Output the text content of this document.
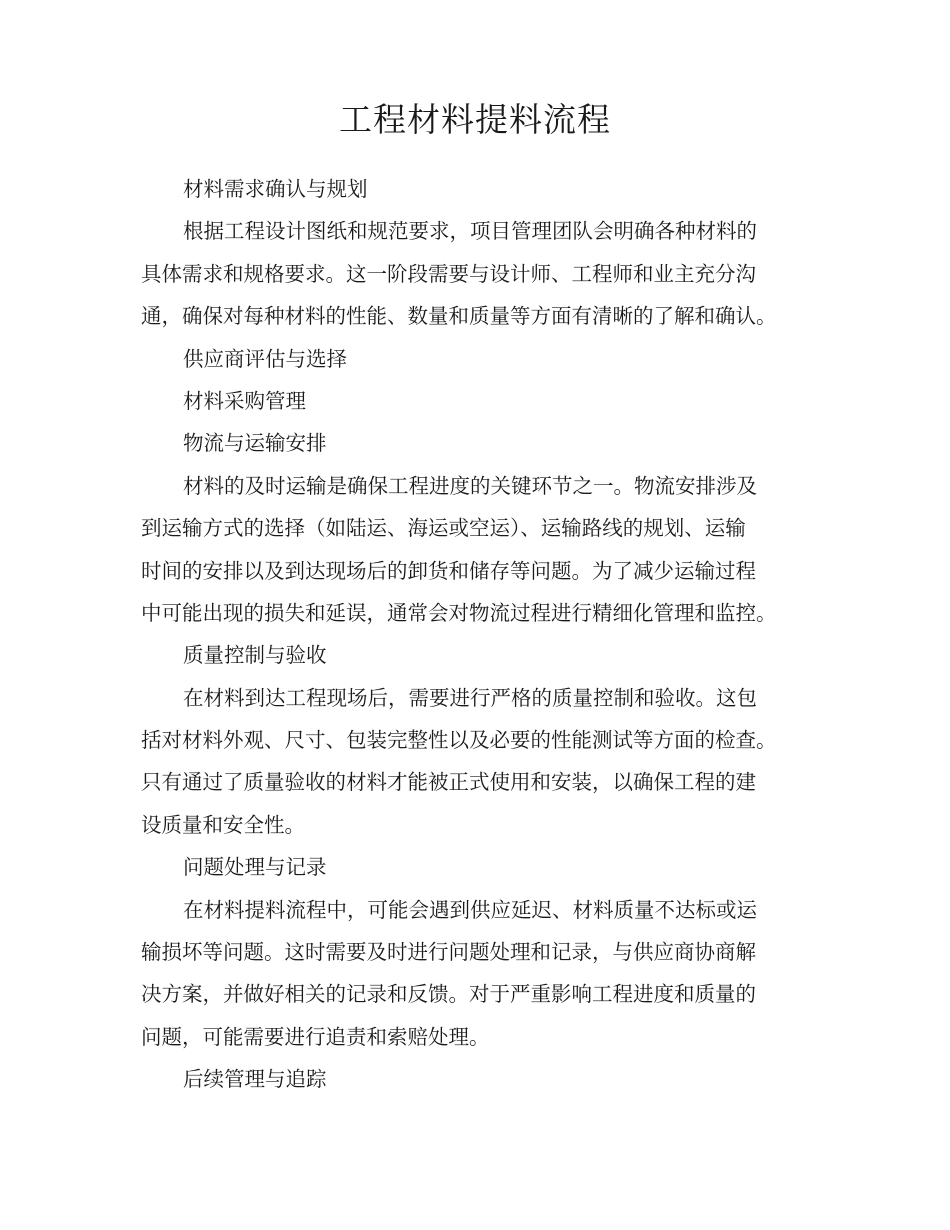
工程材料提料流程
材料需求确认与规划
根据工程设计图纸和规范要求，项目管理团队会明确各种材料的
具体需求和规格要求。这一阶段需要与设计师、工程师和业主充分沟
通，确保对每种材料的性能、数量和质量等方面有清晰的了解和确认。
供应商评估与选择
材料采购管理
物流与运输安排
材料的及时运输是确保工程进度的关键环节之一。物流安排涉及
到运输方式的选择（如陆运、海运或空运）、运输路线的规划、运输
时间的安排以及到达现场后的卸货和储存等问题。为了减少运输过程
中可能出现的损失和延误，通常会对物流过程进行精细化管理和监控。
质量控制与验收
在材料到达工程现场后，需要进行严格的质量控制和验收。这包
括对材料外观、尺寸、包装完整性以及必要的性能测试等方面的检查。
只有通过了质量验收的材料才能被正式使用和安装，以确保工程的建
设质量和安全性。
问题处理与记录
在材料提料流程中，可能会遇到供应延迟、材料质量不达标或运
输损坏等问题。这时需要及时进行问题处理和记录，与供应商协商解
决方案，并做好相关的记录和反馈。对于严重影响工程进度和质量的
问题，可能需要进行追责和索赔处理。
后续管理与追踪
